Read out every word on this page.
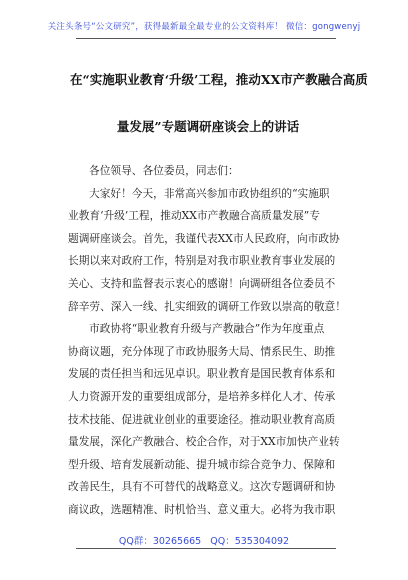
关注头条号“公文研究”，获得最新最全最专业的公文资料库！ 微信：gongwenyj
在“实施职业教育‘升级’工程，推动XX市产教融合高质
量发展”专题调研座谈会上的讲话
各位领导、各位委员，同志们：
大家好！今天，非常高兴参加市政协组织的“实施职
业教育‘升级’工程，推动XX市产教融合高质量发展”专
题调研座谈会。首先，我谨代表XX市人民政府，向市政协
长期以来对政府工作，特别是对我市职业教育事业发展的
关心、支持和监督表示衷心的感谢！向调研组各位委员不
辞辛劳、深入一线、扎实细致的调研工作致以崇高的敬意！
市政协将“职业教育升级与产教融合”作为年度重点
协商议题，充分体现了市政协服务大局、情系民生、助推
发展的责任担当和远见卓识。职业教育是国民教育体系和
人力资源开发的重要组成部分，是培养多样化人才、传承
技术技能、促进就业创业的重要途径。推动职业教育高质
量发展，深化产教融合、校企合作，对于XX市加快产业转
型升级、培育发展新动能、提升城市综合竞争力、保障和
改善民生，具有不可替代的战略意义。这次专题调研和协
商议政，选题精准、时机恰当、意义重大。必将为我市职
QQ群：30265665 QQ：535304092
